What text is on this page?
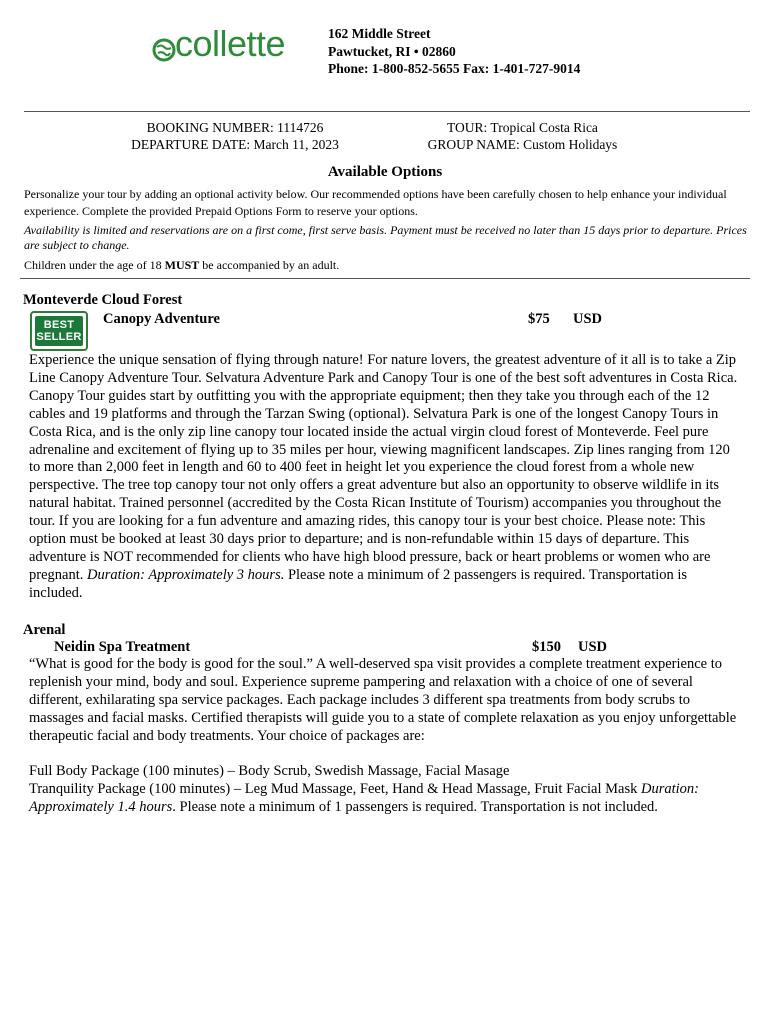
collette	162 Middle Street
Pawtucket, RI • 02860
Phone: 1-800-852-5655 Fax: 1-401-727-9014
BOOKING NUMBER: 1114726
DEPARTURE DATE: March 11, 2023
TOUR: Tropical Costa Rica
GROUP NAME: Custom Holidays
Available Options
Personalize your tour by adding an optional activity below. Our recommended options have been carefully chosen to help enhance your individual experience. Complete the provided Prepaid Options Form to reserve your options.
Availability is limited and reservations are on a first come, first serve basis. Payment must be received no later than 15 days prior to departure. Prices are subject to change.
Children under the age of 18 MUST be accompanied by an adult.
Monteverde Cloud Forest
BEST
SELLER
Canopy Adventure	$75 USD
Experience the unique sensation of flying through nature! For nature lovers, the greatest adventure of it all is to take a Zip Line Canopy Adventure Tour. Selvatura Adventure Park and Canopy Tour is one of the best soft adventures in Costa Rica. Canopy Tour guides start by outfitting you with the appropriate equipment; then they take you through each of the 12 cables and 19 platforms and through the Tarzan Swing (optional). Selvatura Park is one of the longest Canopy Tours in Costa Rica, and is the only zip line canopy tour located inside the actual virgin cloud forest of Monteverde. Feel pure adrenaline and excitement of flying up to 35 miles per hour, viewing magnificent landscapes. Zip lines ranging from 120 to more than 2,000 feet in length and 60 to 400 feet in height let you experience the cloud forest from a whole new perspective. The tree top canopy tour not only offers a great adventure but also an opportunity to observe wildlife in its natural habitat. Trained personnel (accredited by the Costa Rican Institute of Tourism) accompanies you throughout the tour. If you are looking for a fun adventure and amazing rides, this canopy tour is your best choice. Please note: This option must be booked at least 30 days prior to departure; and is non-refundable within 15 days of departure. This adventure is NOT recommended for clients who have high blood pressure, back or heart problems or women who are pregnant. Duration: Approximately 3 hours. Please note a minimum of 2 passengers is required. Transportation is included.
Arenal
Neidin Spa Treatment	$150 USD
“What is good for the body is good for the soul.” A well-deserved spa visit provides a complete treatment experience to replenish your mind, body and soul. Experience supreme pampering and relaxation with a choice of one of several different, exhilarating spa service packages. Each package includes 3 different spa treatments from body scrubs to massages and facial masks. Certified therapists will guide you to a state of complete relaxation as you enjoy unforgettable therapeutic facial and body treatments. Your choice of packages are:
Full Body Package (100 minutes) – Body Scrub, Swedish Massage, Facial Masage
Tranquility Package (100 minutes) – Leg Mud Massage, Feet, Hand & Head Massage, Fruit Facial Mask Duration: Approximately 1.4 hours. Please note a minimum of 1 passengers is required. Transportation is not included.
